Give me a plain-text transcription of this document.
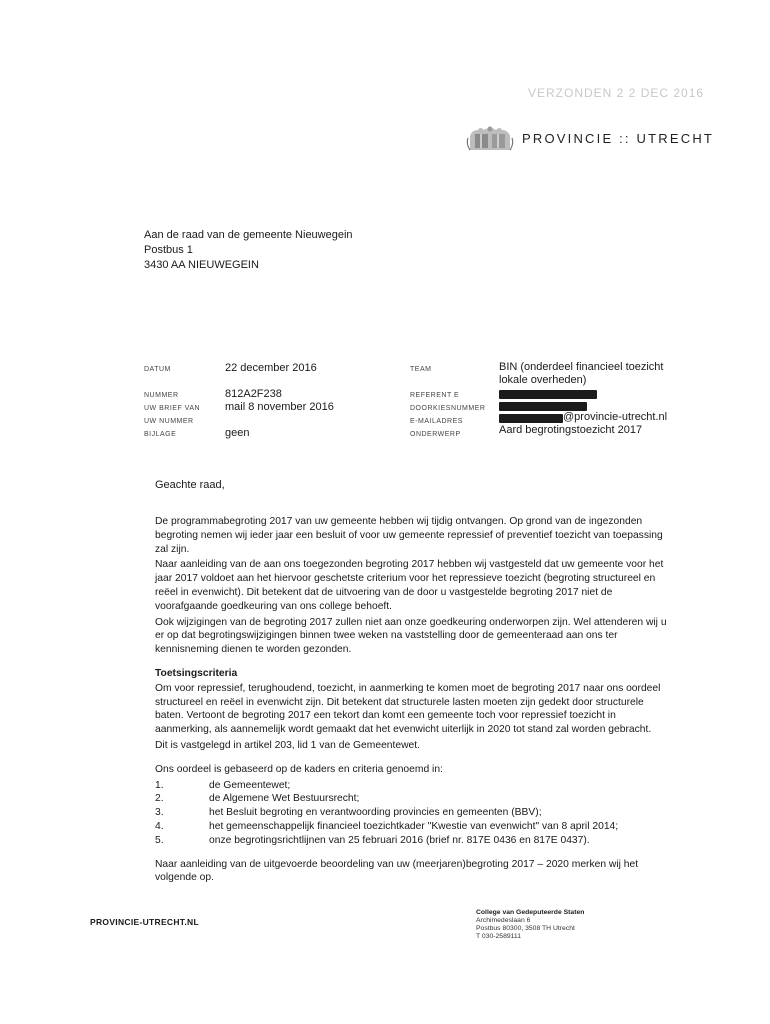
VERZONDEN 2 2 DEC 2016
PROVINCIE :: UTRECHT
Aan de raad van de gemeente Nieuwegein
Postbus 1
3430 AA NIEUWEGEIN
DATUM	22 december 2016
NUMMER	812A2F238
UW BRIEF VAN mail 8 november 2016
UW NUMMER
BIJLAGE	geen
TEAM	BIN (onderdeel financieel toezicht
lokale overheden)
REFERENT E
DOORKIESNUMMER
E-MAILADRES	@provincie-utrecht.nl
ONDERWERP	Aard begrotingstoezicht 2017
Geachte raad,

De programmabegroting 2017 van uw gemeente hebben wij tijdig ontvangen. Op grond van de ingezonden begroting nemen wij ieder jaar een besluit of voor uw gemeente repressief of preventief toezicht van toepassing zal zijn.

Naar aanleiding van de aan ons toegezonden begroting 2017 hebben wij vastgesteld dat uw gemeente voor het jaar 2017 voldoet aan het hiervoor geschetste criterium voor het repressieve toezicht (begroting structureel en reëel in evenwicht). Dit betekent dat de uitvoering van de door u vastgestelde begroting 2017 niet de voorafgaande goedkeuring van ons college behoeft.

Ook wijzigingen van de begroting 2017 zullen niet aan onze goedkeuring onderworpen zijn. Wel attenderen wij u er op dat begrotingswijzigingen binnen twee weken na vaststelling door de gemeenteraad aan ons ter kennisneming dienen te worden gezonden.

Toetsingscriteria

Om voor repressief, terughoudend, toezicht, in aanmerking te komen moet de begroting 2017 naar ons oordeel structureel en reëel in evenwicht zijn. Dit betekent dat structurele lasten moeten zijn gedekt door structurele baten. Vertoont de begroting 2017 een tekort dan komt een gemeente toch voor repressief toezicht in aanmerking, als aannemelijk wordt gemaakt dat het evenwicht uiterlijk in 2020 tot stand zal worden gebracht.

Dit is vastgelegd in artikel 203, lid 1 van de Gemeentewet.

Ons oordeel is gebaseerd op de kaders en criteria genoemd in:

1.	de Gemeentewet;
2.	de Algemene Wet Bestuursrecht;
3.	het Besluit begroting en verantwoording provincies en gemeenten (BBV);
4.	het gemeenschappelijk financieel toezichtkader "Kwestie van evenwicht" van 8 april 2014;
5.	onze begrotingsrichtlijnen van 25 februari 2016 (brief nr. 817E 0436 en 817E 0437).

Naar aanleiding van de uitgevoerde beoordeling van uw (meerjaren)begroting 2017 – 2020 merken wij het volgende op.

PROVINCIE-UTRECHT.NL
College van Gedeputeerde Staten
Archimedeslaan 6
Postbus 80300, 3508 TH Utrecht
T 030-2589111
